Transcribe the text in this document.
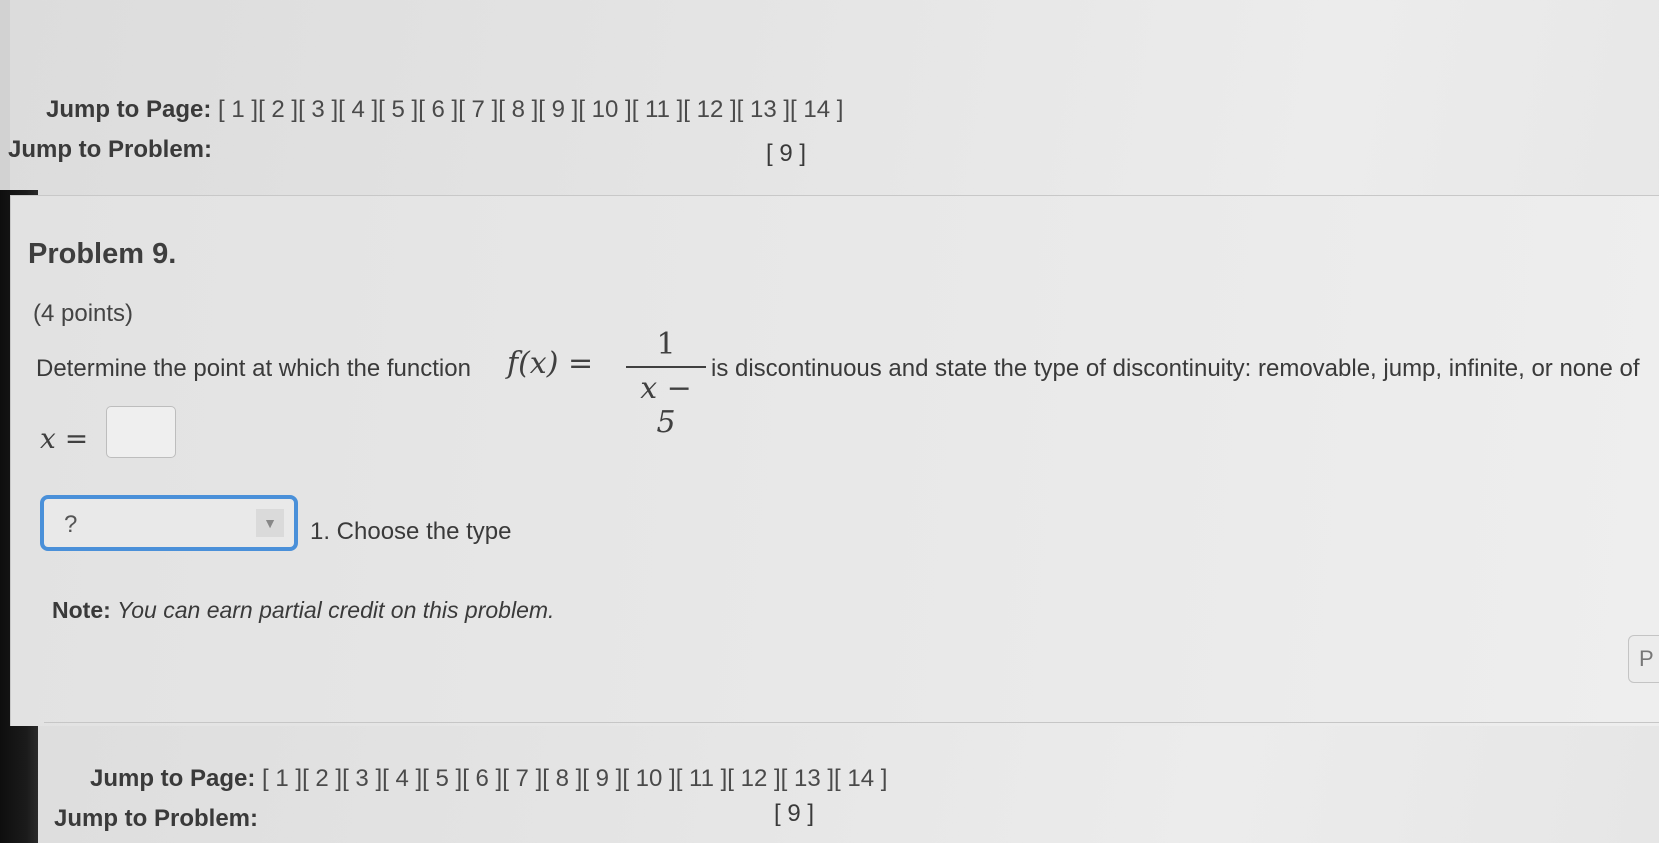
Jump to Page: [ 1 ][ 2 ][ 3 ][ 4 ][ 5 ][ 6 ][ 7 ][ 8 ][ 9 ][ 10 ][ 11 ][ 12 ][ 13 ][ 14 ]
Jump to Problem:	[ 9 ]
Problem 9.
(4 points)
Determine the point at which the function f(x) =
1
x − 5
is discontinuous and state the type of discontinuity: removable, jump, infinite, or none of
x =
?	▼ 1. Choose the type
Note: You can earn partial credit on this problem.
P
Jump to Page: [ 1 ][ 2 ][ 3 ][ 4 ][ 5 ][ 6 ][ 7 ][ 8 ][ 9 ][ 10 ][ 11 ][ 12 ][ 13 ][ 14 ]
Jump to Problem:	[ 9 ]
